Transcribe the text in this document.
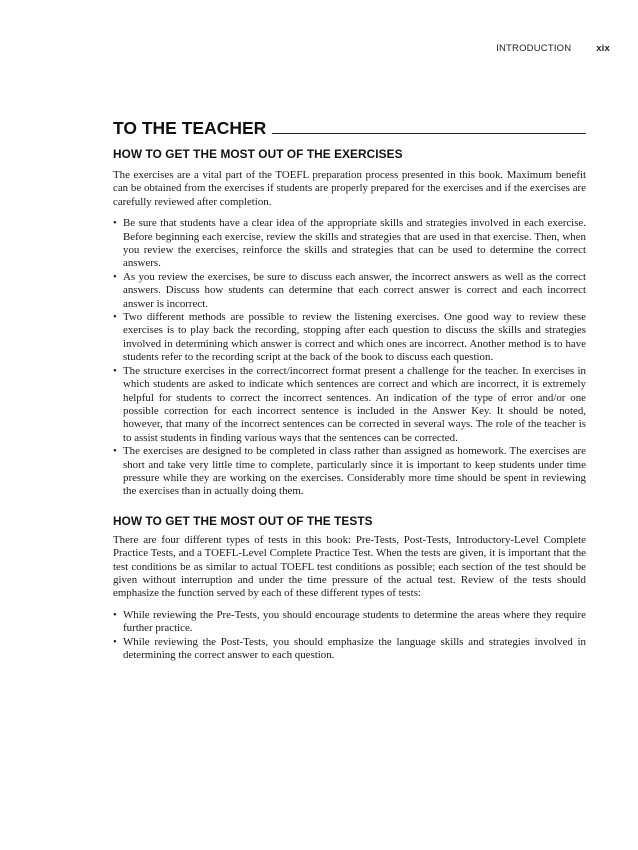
INTRODUCTION	xix
TO THE TEACHER
HOW TO GET THE MOST OUT OF THE EXERCISES

The exercises are a vital part of the TOEFL preparation process presented in this book. Maximum benefit can be obtained from the exercises if students are properly prepared for the exercises and if the exercises are carefully reviewed after completion.

• Be sure that students have a clear idea of the appropriate skills and strategies involved in each exercise. Before beginning each exercise, review the skills and strategies that are used in that exercise. Then, when you review the exercises, reinforce the skills and strategies that can be used to determine the correct answers.
• As you review the exercises, be sure to discuss each answer, the incorrect answers as well as the correct answers. Discuss how students can determine that each correct answer is correct and each incorrect answer is incorrect.
• Two different methods are possible to review the listening exercises. One good way to review these exercises is to play back the recording, stopping after each question to discuss the skills and strategies involved in determining which answer is correct and which ones are incorrect. Another method is to have students refer to the recording script at the back of the book to discuss each question.
• The structure exercises in the correct/incorrect format present a challenge for the teacher. In exercises in which students are asked to indicate which sentences are correct and which are incorrect, it is extremely helpful for students to correct the incorrect sentences. An indication of the type of error and/or one possible correction for each incorrect sentence is included in the Answer Key. It should be noted, however, that many of the incorrect sentences can be corrected in several ways. The role of the teacher is to assist students in finding various ways that the sentences can be corrected.
• The exercises are designed to be completed in class rather than assigned as homework. The exercises are short and take very little time to complete, particularly since it is important to keep students under time pressure while they are working on the exercises. Considerably more time should be spent in reviewing the exercises than in actually doing them.
HOW TO GET THE MOST OUT OF THE TESTS

There are four different types of tests in this book: Pre-Tests, Post-Tests, Introductory-Level Complete Practice Tests, and a TOEFL-Level Complete Practice Test. When the tests are given, it is important that the test conditions be as similar to actual TOEFL test conditions as possible; each section of the test should be given without interruption and under the time pressure of the actual test. Review of the tests should emphasize the function served by each of these different types of tests:

• While reviewing the Pre-Tests, you should encourage students to determine the areas where they require further practice.
• While reviewing the Post-Tests, you should emphasize the language skills and strategies involved in determining the correct answer to each question.
